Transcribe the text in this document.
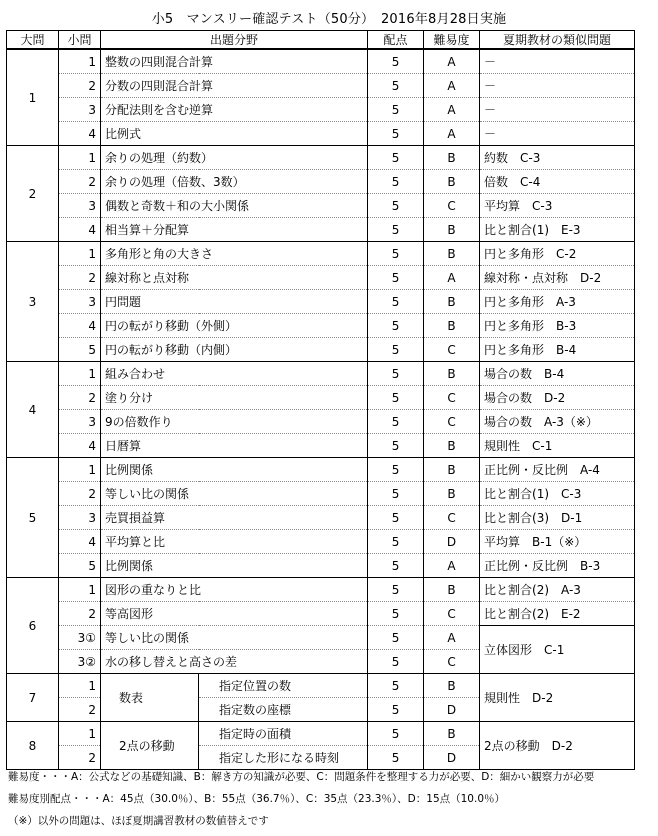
小5　マンスリー確認テスト（50分）　2016年8月28日実施
大問	小問	出題分野		配点	難易度	夏期教材の類似問題
1	1	整数の四則混合計算		5	A	－
	2	分数の四則混合計算		5	A	－
	3	分配法則を含む逆算		5	A	－
	4	比例式		5	A	－
2	1	余りの処理（約数）		5	B	約数　C-3
	2	余りの処理（倍数、3数）		5	B	倍数　C-4
	3	偶数と奇数＋和の大小関係		5	C	平均算　C-3
	4	相当算＋分配算		5	B	比と割合(1)　E-3
3	1	多角形と角の大きさ		5	B	円と多角形　C-2
	2	線対称と点対称		5	A	線対称・点対称　D-2
	3	円問題		5	B	円と多角形　A-3
	4	円の転がり移動（外側）		5	B	円と多角形　B-3
	5	円の転がり移動（内側）		5	C	円と多角形　B-4
4	1	組み合わせ		5	B	場合の数　B-4
	2	塗り分け		5	C	場合の数　D-2
	3	9の倍数作り		5	C	場合の数　A-3（※）
	4	日暦算		5	B	規則性　C-1
5	1	比例関係		5	B	正比例・反比例　A-4
	2	等しい比の関係		5	B	比と割合(1)　C-3
	3	売買損益算		5	C	比と割合(3)　D-1
	4	平均算と比		5	D	平均算　B-1（※）
	5	比例関係		5	A	正比例・反比例　B-3
6	1	図形の重なりと比		5	B	比と割合(2)　A-3
	2	等高図形		5	C	比と割合(2)　E-2
	3①	等しい比の関係		5	A	立体図形　C-1
	3②	水の移し替えと高さの差		5	C	
7	1	数表	指定位置の数	5	B	規則性　D-2
	2		指定数の座標	5	D	
8	1	2点の移動	指定時の面積	5	B	2点の移動　D-2
	2		指定した形になる時刻	5	D	
難易度・・・A：公式などの基礎知識、B：解き方の知識が必要、C：問題条件を整理する力が必要、D：細かい観察力が必要
難易度別配点・・・A：45点（30.0％）、B：55点（36.7％）、C：35点（23.3％）、D：15点（10.0％）
（※）以外の問題は、ほぼ夏期講習教材の数値替えです
